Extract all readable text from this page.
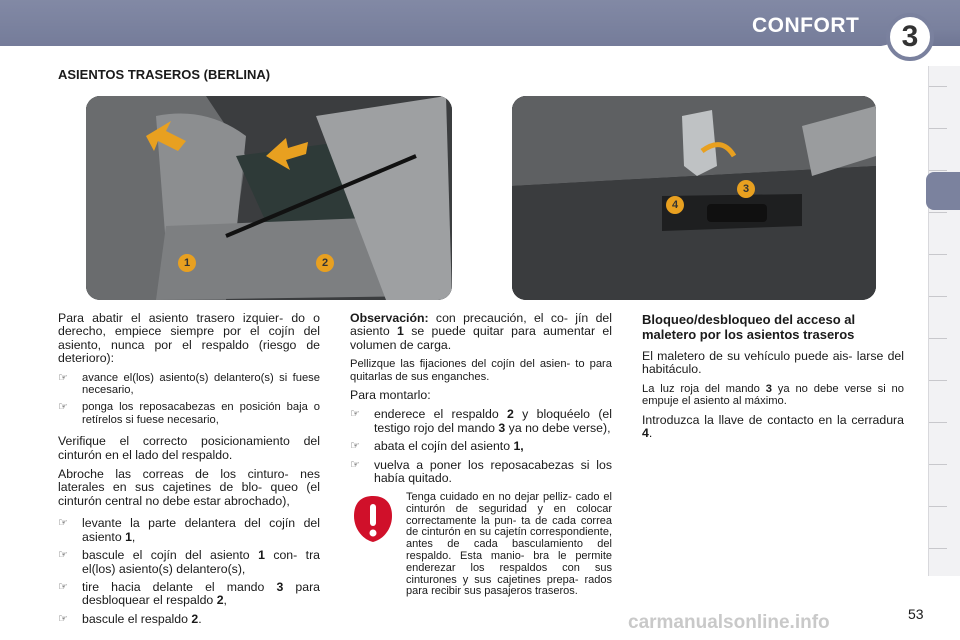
CONFORT	3
ASIENTOS TRASEROS (BERLINA)
1	2
3
4

Para abatir el asiento trasero izquier- do o derecho, empiece siempre por el cojín del asiento, nunca por el respaldo (riesgo de deterioro):

☞	avance el(los) asiento(s) delantero(s) si fuese necesario,
☞	ponga los reposacabezas en posición baja o retírelos si fuese necesario,

Verifique el correcto posicionamiento del cinturón en el lado del respaldo.

Abroche las correas de los cinturo- nes laterales en sus cajetines de blo- queo (el cinturón central no debe estar abrochado),

☞	levante la parte delantera del cojín del asiento 1,
☞	bascule el cojín del asiento 1 con- tra el(los) asiento(s) delantero(s),
☞	tire hacia delante el mando 3 para desbloquear el respaldo 2,
☞	bascule el respaldo 2.

Observación: con precaución, el co- jín del asiento 1 se puede quitar para aumentar el volumen de carga.

Pellizque las fijaciones del cojín del asien- to para quitarlas de sus enganches.

Para montarlo:

☞	enderece el respaldo 2 y bloquéelo (el testigo rojo del mando 3 ya no debe verse),
☞	abata el cojín del asiento 1,
☞	vuelva a poner los reposacabezas si los había quitado.
Tenga cuidado en no dejar pelliz- cado el cinturón de seguridad y en colocar correctamente la pun- ta de cada correa de cinturón en su cajetín correspondiente, antes de cada basculamiento del respaldo. Esta manio- bra le permite enderezar los respaldos con sus cinturones y sus cajetines prepa- rados para recibir sus pasajeros traseros.
Bloqueo/desbloqueo del acceso al maletero por los asientos traseros

El maletero de su vehículo puede ais- larse del habitáculo.

La luz roja del mando 3 ya no debe verse si no empuje el asiento al máximo.

Introduzca la llave de contacto en la cerradura 4.

carmanualsonline.info	53
